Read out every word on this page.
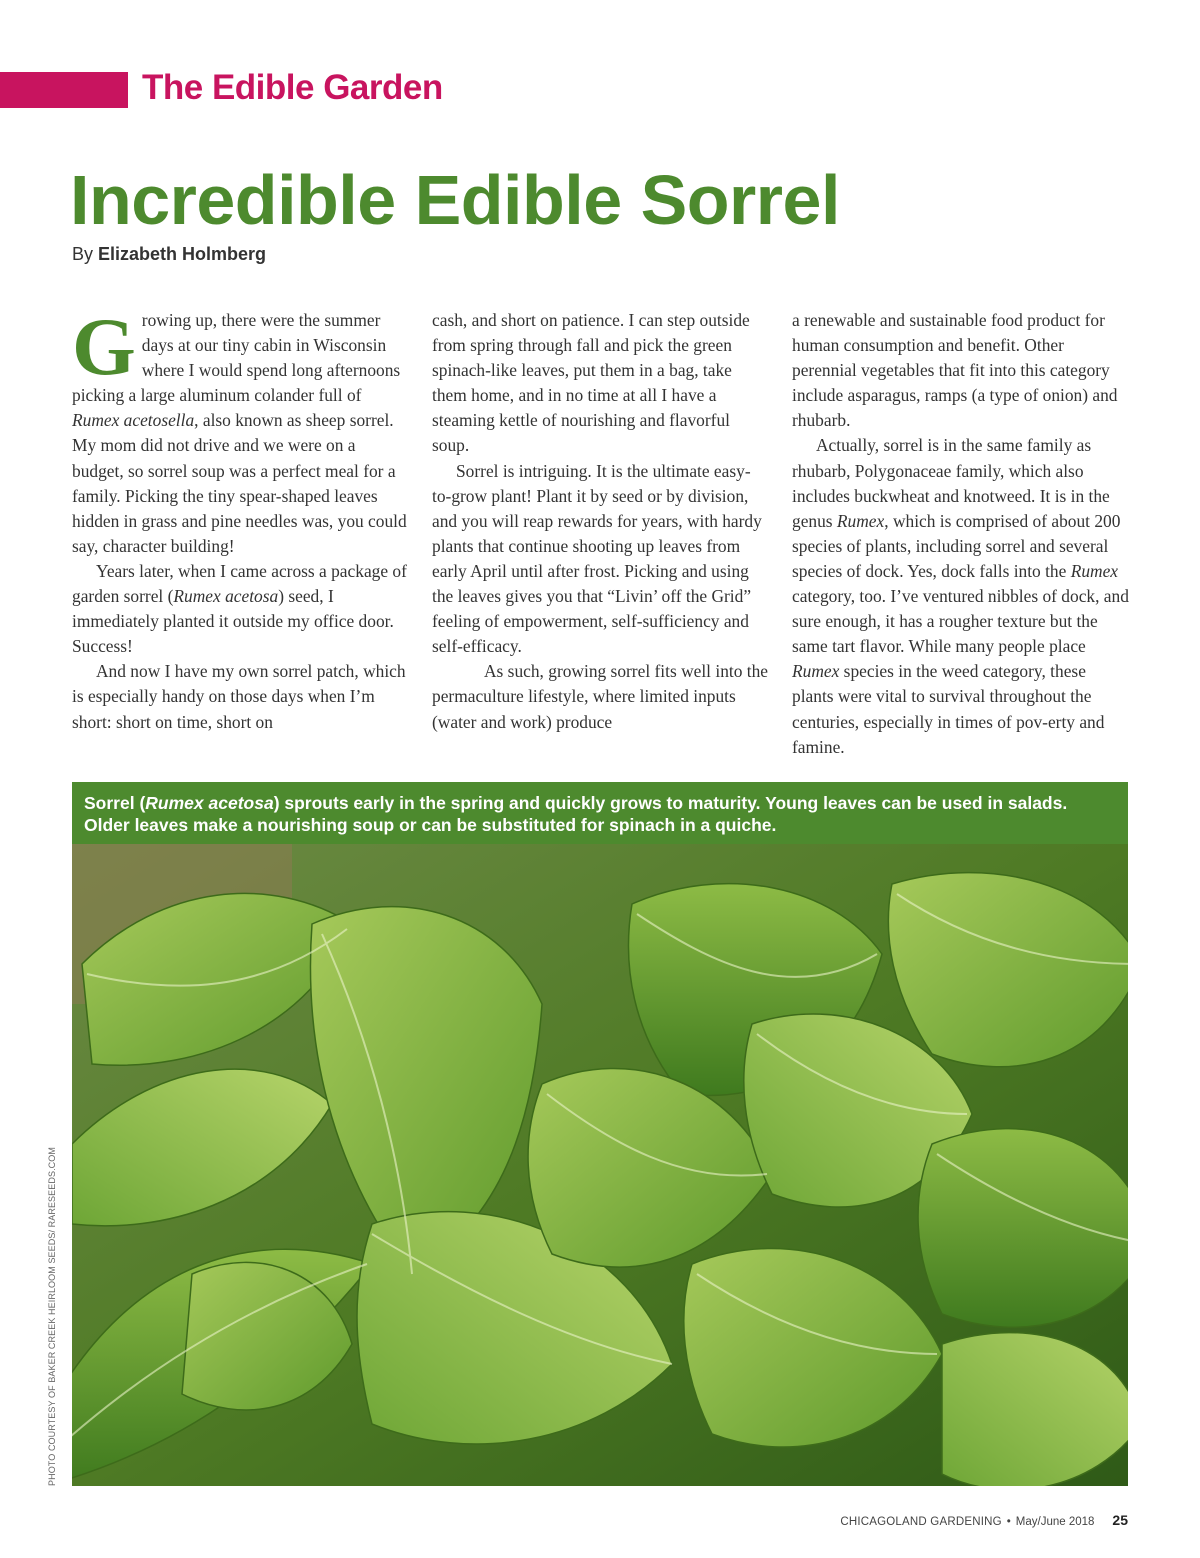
The Edible Garden
Incredible Edible Sorrel
By Elizabeth Holmberg

Growing up, there were the summer days at our tiny cabin in Wisconsin where I would spend long afternoons picking a large aluminum colander full of Rumex acetosella, also known as sheep sorrel. My mom did not drive and we were on a budget, so sorrel soup was a perfect meal for a family. Picking the tiny spear-shaped leaves hidden in grass and pine needles was, you could say, character building!

Years later, when I came across a package of garden sorrel (Rumex acetosa) seed, I immediately planted it outside my office door. Success!

And now I have my own sorrel patch, which is especially handy on those days when I’m short: short on time, short on

cash, and short on patience. I can step outside from spring through fall and pick the green spinach-like leaves, put them in a bag, take them home, and in no time at all I have a steaming kettle of nourishing and flavorful soup.

Sorrel is intriguing. It is the ultimate easy-to-grow plant! Plant it by seed or by division, and you will reap rewards for years, with hardy plants that continue shooting up leaves from early April until after frost. Picking and using the leaves gives you that “Livin’ off the Grid” feeling of empowerment, self-sufficiency and self-efficacy.

As such, growing sorrel fits well into the permaculture lifestyle, where limited inputs (water and work) produce

a renewable and sustainable food product for human consumption and benefit. Other perennial vegetables that fit into this category include asparagus, ramps (a type of onion) and rhubarb.

Actually, sorrel is in the same family as rhubarb, Polygonaceae family, which also includes buckwheat and knotweed. It is in the genus Rumex, which is comprised of about 200 species of plants, including sorrel and several species of dock. Yes, dock falls into the Rumex category, too. I’ve ventured nibbles of dock, and sure enough, it has a rougher texture but the same tart flavor. While many people place Rumex species in the weed category, these plants were vital to survival throughout the centuries, especially in times of pov-erty and famine.

Sorrel (Rumex acetosa) sprouts early in the spring and quickly grows to maturity. Young leaves can be used in salads. Older leaves make a nourishing soup or can be substituted for spinach in a quiche.
PHOTO COURTESY OF BAKER CREEK HEIRLOOM SEEDS/ RARESEEDS.COM
CHICAGOLAND GARDENING • May/June 2018 25
